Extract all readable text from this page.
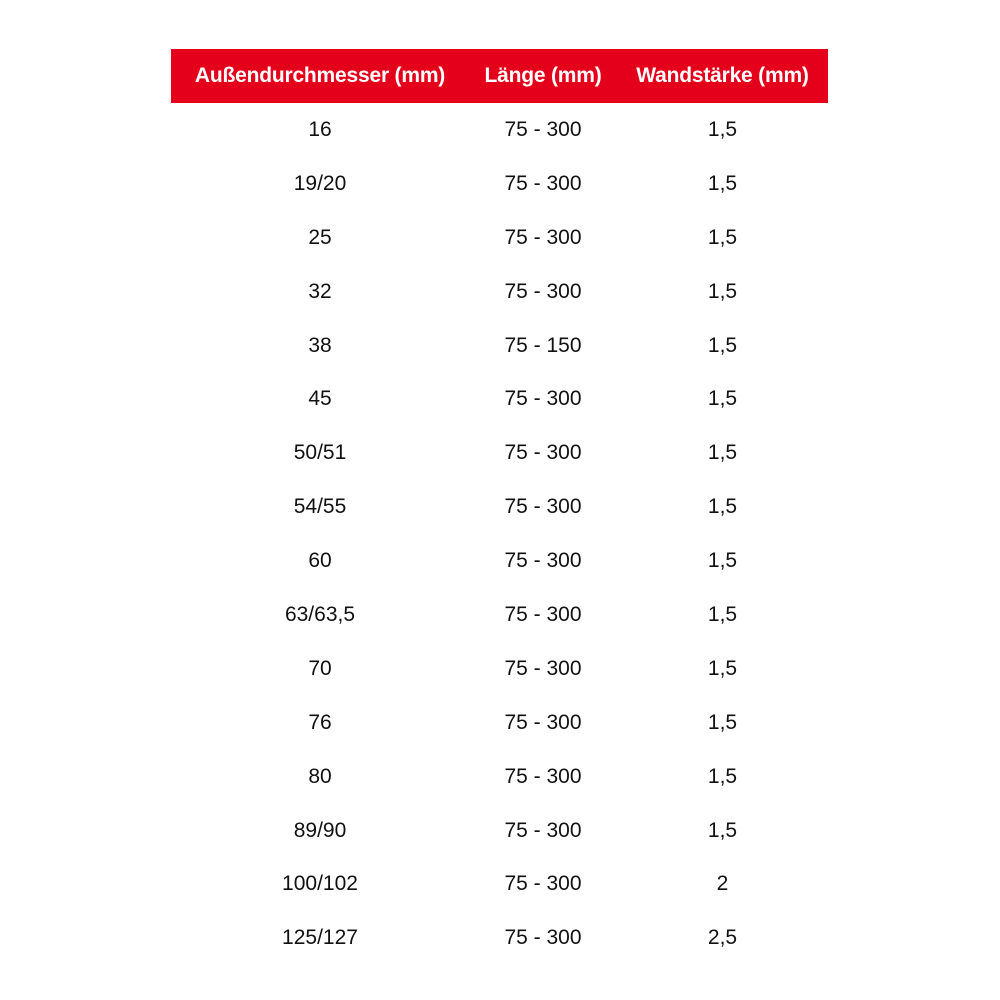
Außendurchmesser (mm)	Länge (mm)	Wandstärke (mm)
16	75 - 300	1,5
19/20	75 - 300	1,5
25	75 - 300	1,5
32	75 - 300	1,5
38	75 - 150	1,5
45	75 - 300	1,5
50/51	75 - 300	1,5
54/55	75 - 300	1,5
60	75 - 300	1,5
63/63,5	75 - 300	1,5
70	75 - 300	1,5
76	75 - 300	1,5
80	75 - 300	1,5
89/90	75 - 300	1,5
100/102	75 - 300	2
125/127	75 - 300	2,5
